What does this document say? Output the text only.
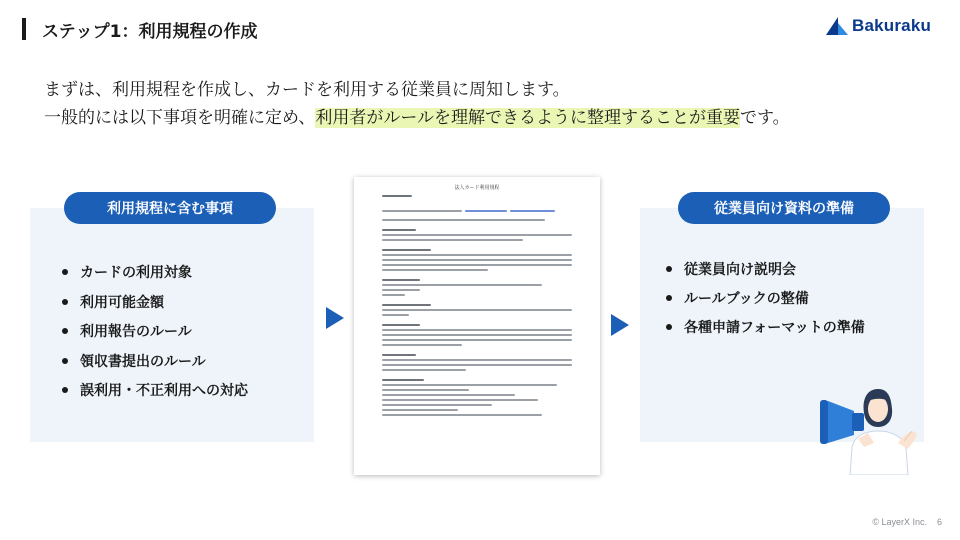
ステップ1：利用規程の作成	Bakuraku
まずは、利用規程を作成し、カードを利用する従業員に周知します。
一般的には以下事項を明確に定め、利用者がルールを理解できるように整理することが重要です。
利用規程に含む事項
カードの利用対象
利用可能金額
利用報告のルール
領収書提出のルール
誤利用・不正利用への対応
法人カード利用規程
従業員向け資料の準備
従業員向け説明会
ルールブックの整備
各種申請フォーマットの準備
© LayerX Inc. 6
